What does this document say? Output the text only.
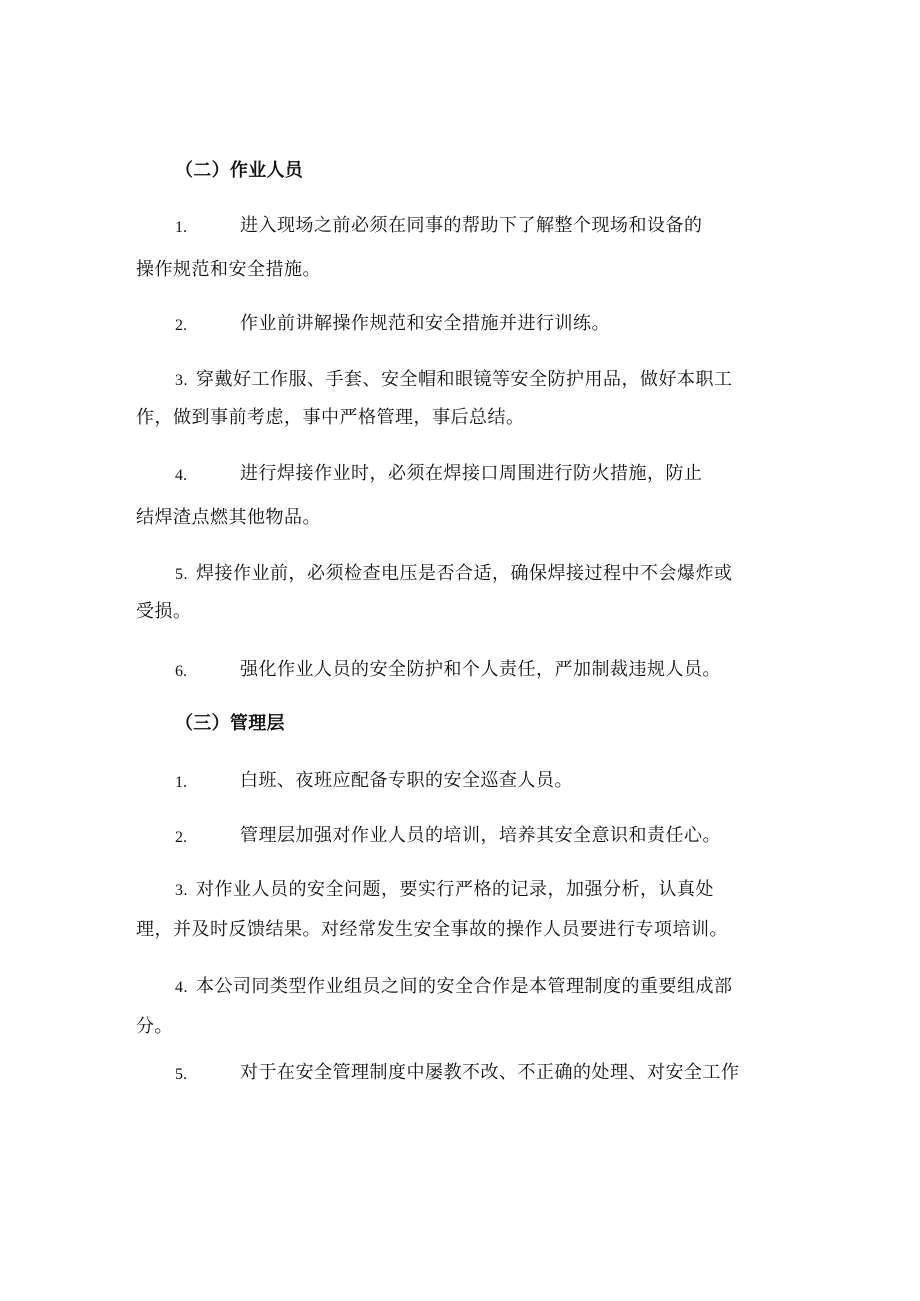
（二）作业人员
1.	进入现场之前必须在同事的帮助下了解整个现场和设备的
操作规范和安全措施。
2.	作业前讲解操作规范和安全措施并进行训练。
3. 穿戴好工作服、手套、安全帽和眼镜等安全防护用品，做好本职工
作，做到事前考虑，事中严格管理，事后总结。
4.	进行焊接作业时，必须在焊接口周围进行防火措施，防止
结焊渣点燃其他物品。
5. 焊接作业前，必须检查电压是否合适，确保焊接过程中不会爆炸或
受损。
6.	强化作业人员的安全防护和个人责任，严加制裁违规人员。
（三）管理层
1.	白班、夜班应配备专职的安全巡查人员。
2.	管理层加强对作业人员的培训，培养其安全意识和责任心。
3. 对作业人员的安全问题，要实行严格的记录，加强分析，认真处
理，并及时反馈结果。对经常发生安全事故的操作人员要进行专项培训。
4. 本公司同类型作业组员之间的安全合作是本管理制度的重要组成部
分。
5.	对于在安全管理制度中屡教不改、不正确的处理、对安全工作
